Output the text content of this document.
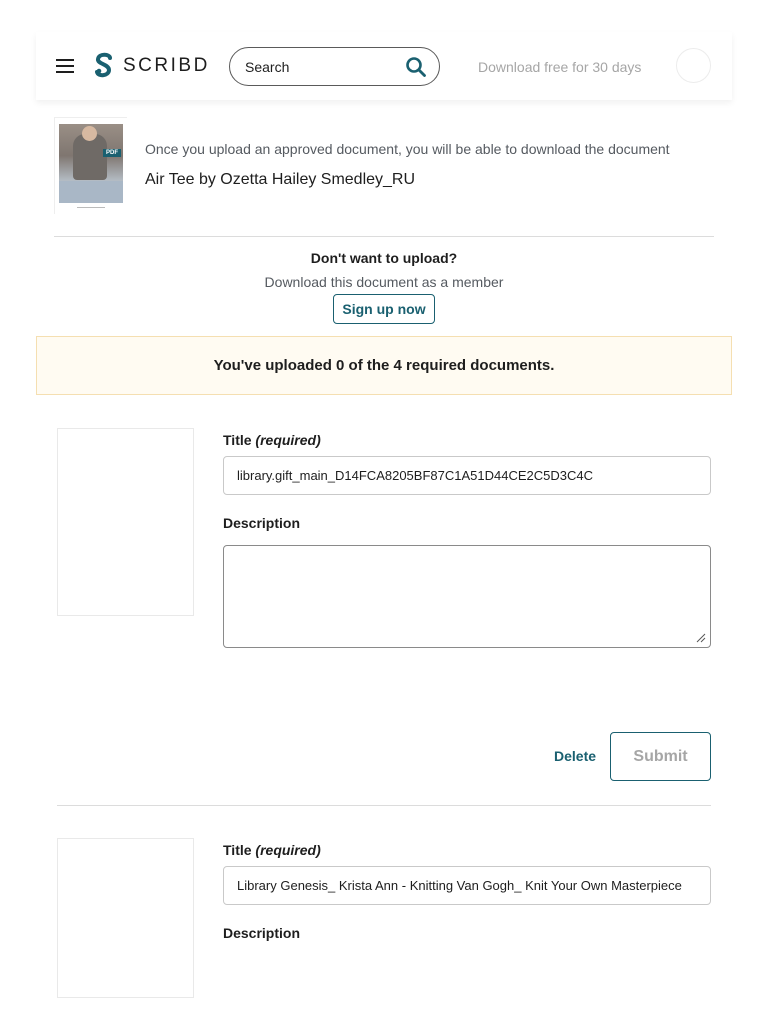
SCRIBD
Search	Download free for 30 days
PDF Once you upload an approved document, you will be able to download the document
Air Tee by Ozetta Hailey Smedley_RU
Don't want to upload?
Download this document as a member
Sign up now
You've uploaded 0 of the 4 required documents.
Title (required)
library.gift_main_D14FCA8205BF87C1A51D44CE2C5D3C4C
Description
Delete	Submit
Title (required)
Library Genesis_ Krista Ann - Knitting Van Gogh_ Knit Your Own Masterpiece
Description
